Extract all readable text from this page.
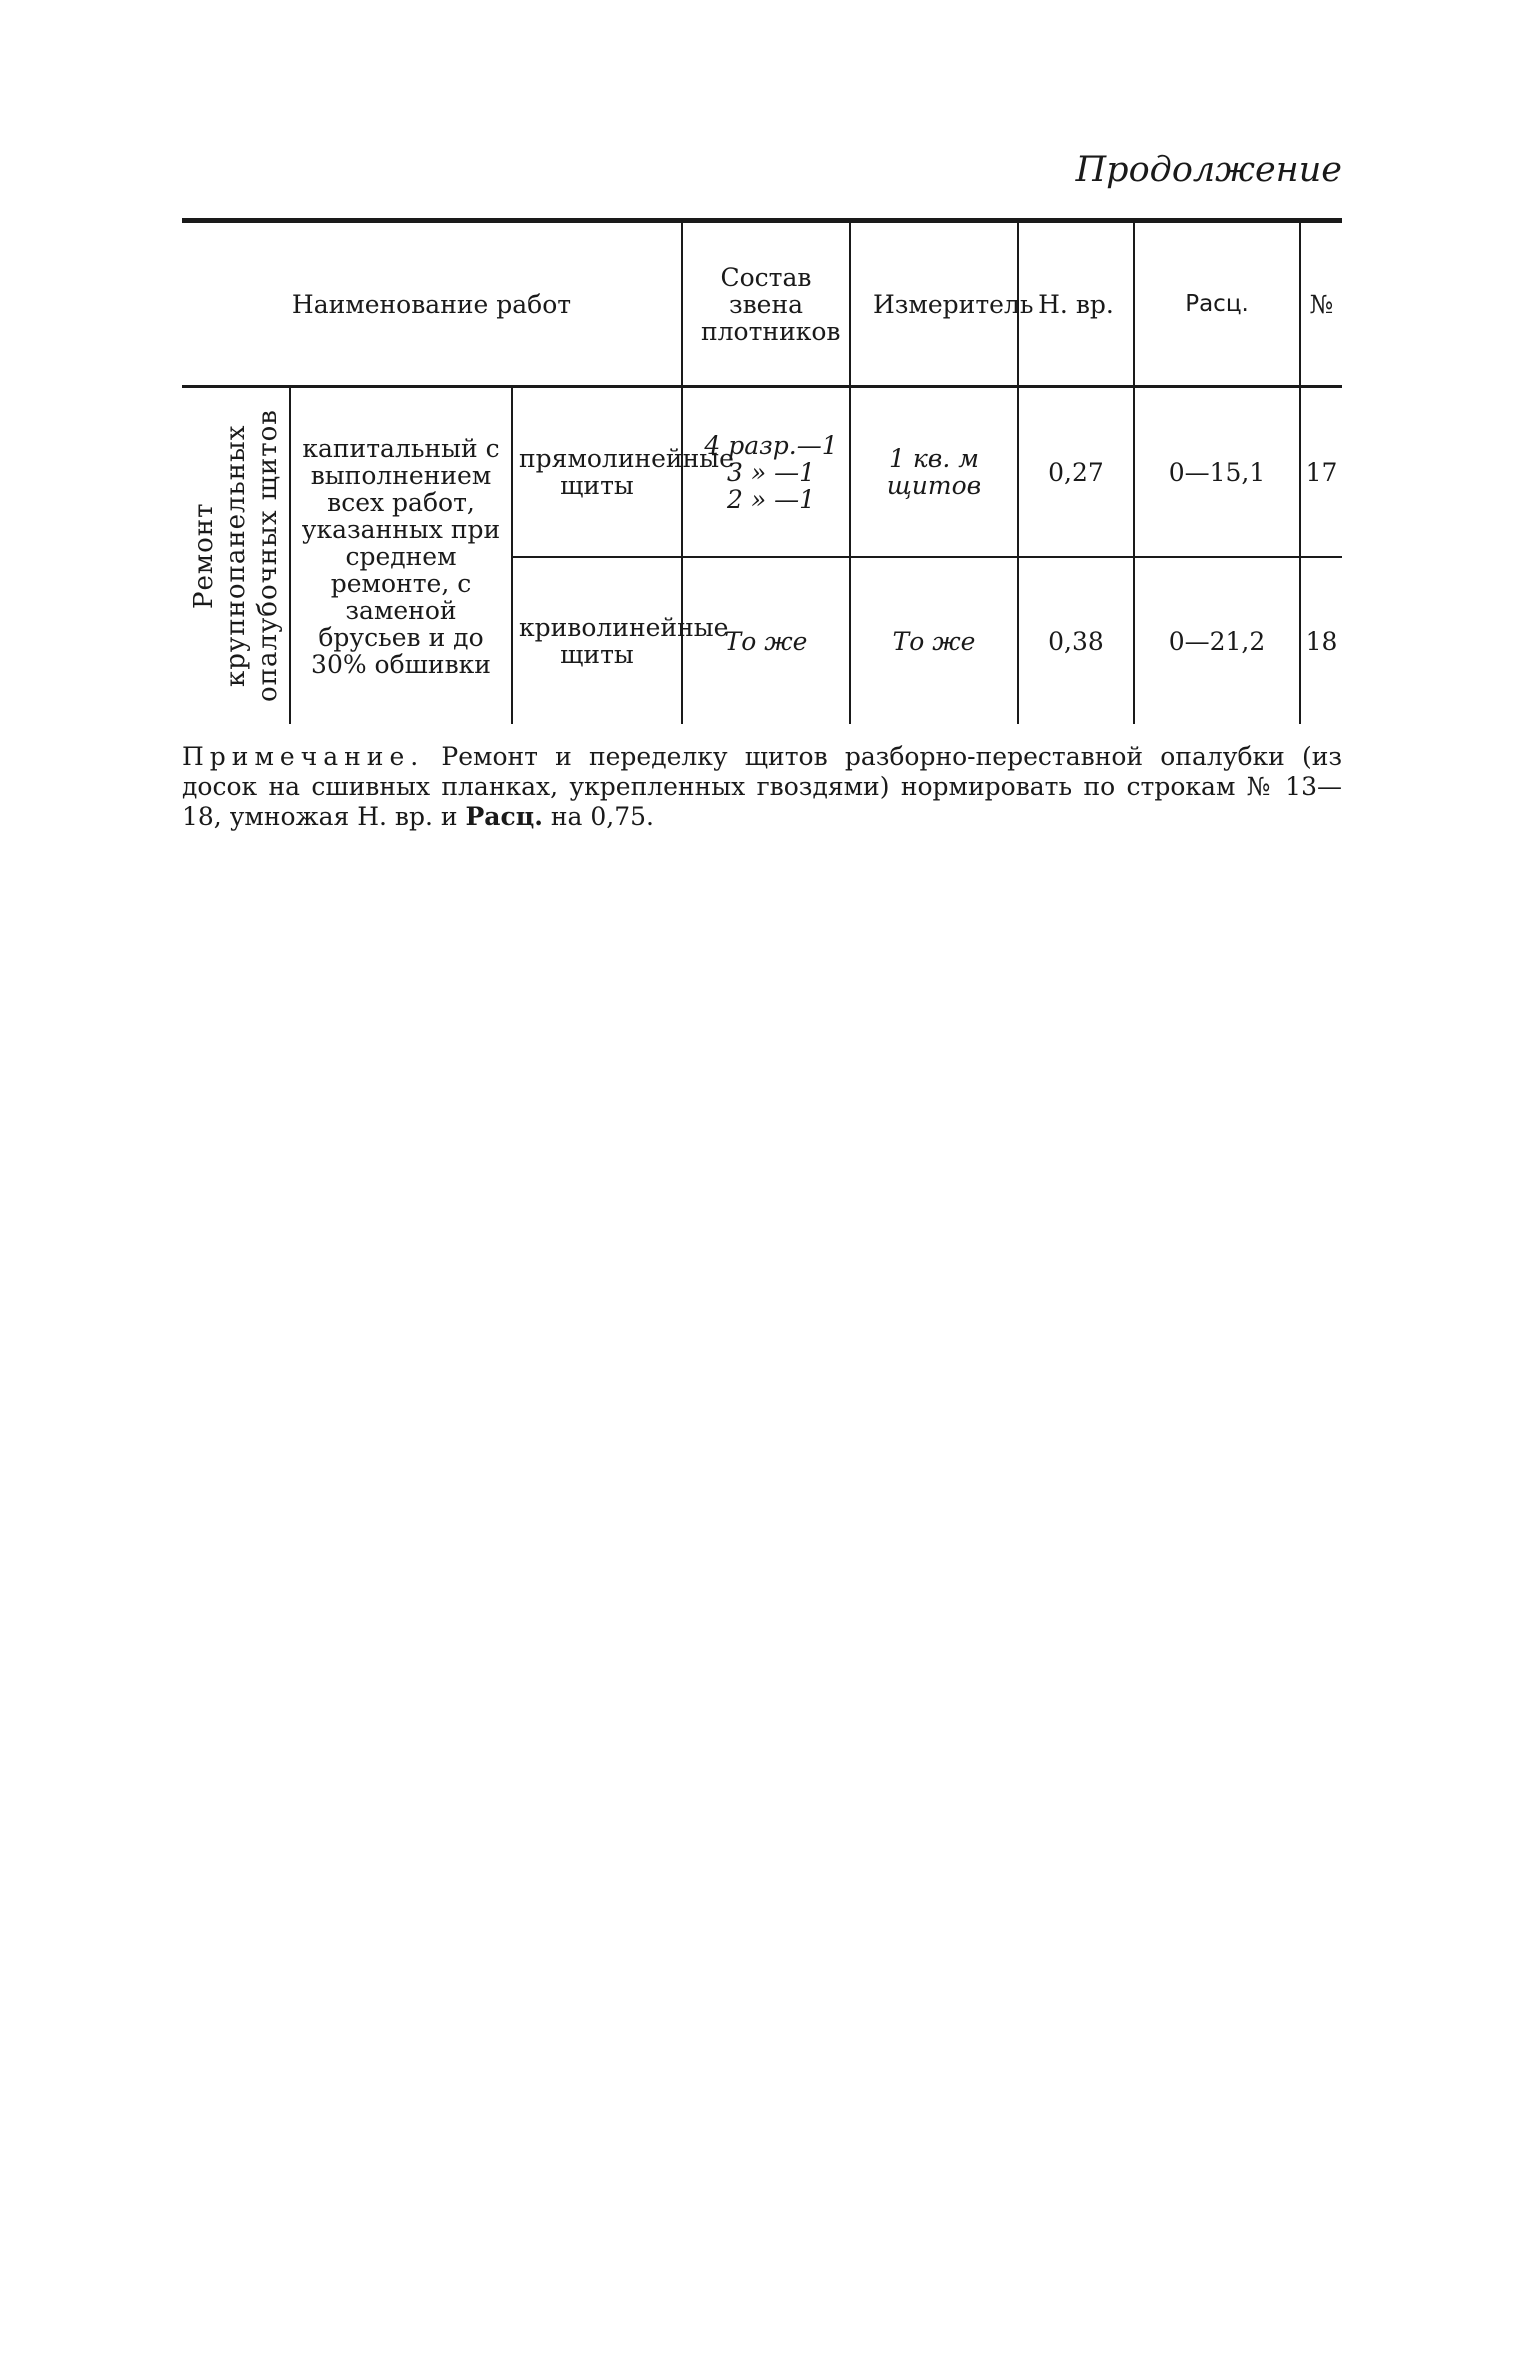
Продолжение
Наименование работ			Состав звена плотников	Измеритель	Н. вр.	Расц.	№

Ремонт крупнопанельных опалубочных щитов	капитальный с выполнением всех работ, указанных при среднем ремонте, с заменой брусьев и до 30% обшивки	прямолинейные щиты	4 разр.—1
3 » —1
2 » —1	1 кв. м щитов	0,27	0—15,1	17
		криволинейные щиты	То же	То же	0,38	0—21,2	18
Примечание. Ремонт и переделку щитов разборно-переставной опалубки (из досок на сшивных планках, укрепленных гвоздями) нормировать по строкам № 13—18, умножая Н. вр. и Расц. на 0,75.
